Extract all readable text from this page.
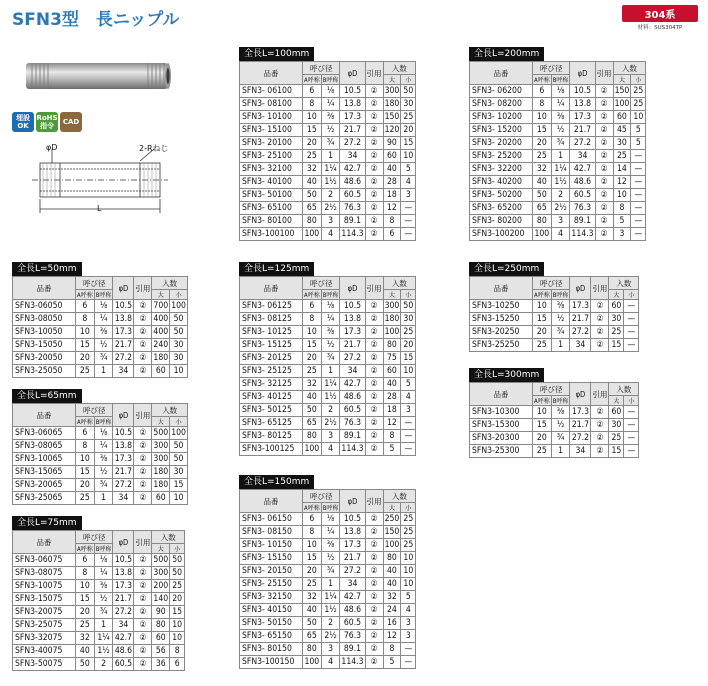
SFN3型　長ニップル	304系
材料：SUS304TP
埋設 OK
RoHS 指令	CAD
φD	2-Rねじ
L
全長L=100mm
品番	呼び径		φD	引用	入数	
	A呼称	B呼称			大	小
SFN3- 06100	6	⅛	10.5	②	300	50
SFN3- 08100	8	¼	13.8	②	180	30
SFN3- 10100	10	⅜	17.3	②	150	25
SFN3- 15100	15	½	21.7	②	120	20
SFN3- 20100	20	¾	27.2	②	90	15
SFN3- 25100	25	1	34	②	60	10
SFN3- 32100	32	1¼	42.7	②	40	5
SFN3- 40100	40	1½	48.6	②	28	4
SFN3- 50100	50	2	60.5	②	18	3
SFN3- 65100	65	2½	76.3	②	12	—
SFN3- 80100	80	3	89.1	②	8	—
SFN3-100100	100	4	114.3	②	6	—
全長L=200mm
品番	呼び径		φD	引用	入数	
	A呼称	B呼称			大	小
SFN3- 06200	6	⅛	10.5	②	150	25
SFN3- 08200	8	¼	13.8	②	100	25
SFN3- 10200	10	⅜	17.3	②	60	10
SFN3- 15200	15	½	21.7	②	45	5
SFN3- 20200	20	¾	27.2	②	30	5
SFN3- 25200	25	1	34	②	25	—
SFN3- 32200	32	1¼	42.7	②	14	—
SFN3- 40200	40	1½	48.6	②	12	—
SFN3- 50200	50	2	60.5	②	10	—
SFN3- 65200	65	2½	76.3	②	8	—
SFN3- 80200	80	3	89.1	②	5	—
SFN3-100200	100	4	114.3	②	3	—
全長L=50mm
品番	呼び径		φD	引用	入数	
	A呼称	B呼称			大	小
SFN3-06050	6	⅛	10.5	②	700	100
SFN3-08050	8	¼	13.8	②	400	50
SFN3-10050	10	⅜	17.3	②	400	50
SFN3-15050	15	½	21.7	②	240	30
SFN3-20050	20	¾	27.2	②	180	30
SFN3-25050	25	1	34	②	60	10
全長L=65mm
品番	呼び径		φD	引用	入数	
	A呼称	B呼称			大	小
SFN3-06065	6	⅛	10.5	②	500	100
SFN3-08065	8	¼	13.8	②	300	50
SFN3-10065	10	⅜	17.3	②	300	50
SFN3-15065	15	½	21.7	②	180	30
SFN3-20065	20	¾	27.2	②	180	15
SFN3-25065	25	1	34	②	60	10
全長L=75mm
品番	呼び径		φD	引用	入数	
	A呼称	B呼称			大	小
SFN3-06075	6	⅛	10.5	②	500	50
SFN3-08075	8	¼	13.8	②	300	50
SFN3-10075	10	⅜	17.3	②	200	25
SFN3-15075	15	½	21.7	②	140	20
SFN3-20075	20	¾	27.2	②	90	15
SFN3-25075	25	1	34	②	80	10
SFN3-32075	32	1¼	42.7	②	60	10
SFN3-40075	40	1½	48.6	②	56	8
SFN3-50075	50	2	60.5	②	36	6
全長L=125mm
品番	呼び径		φD	引用	入数	
	A呼称	B呼称			大	小
SFN3- 06125	6	⅛	10.5	②	300	50
SFN3- 08125	8	¼	13.8	②	180	30
SFN3- 10125	10	⅜	17.3	②	100	25
SFN3- 15125	15	½	21.7	②	80	20
SFN3- 20125	20	¾	27.2	②	75	15
SFN3- 25125	25	1	34	②	60	10
SFN3- 32125	32	1¼	42.7	②	40	5
SFN3- 40125	40	1½	48.6	②	28	4
SFN3- 50125	50	2	60.5	②	18	3
SFN3- 65125	65	2½	76.3	②	12	—
SFN3- 80125	80	3	89.1	②	8	—
SFN3-100125	100	4	114.3	②	5	—
全長L=250mm
品番	呼び径		φD	引用	入数	
	A呼称	B呼称			大	小
SFN3-10250	10	⅜	17.3	②	60	—
SFN3-15250	15	½	21.7	②	30	—
SFN3-20250	20	¾	27.2	②	25	—
SFN3-25250	25	1	34	②	15	—
全長L=300mm
品番	呼び径		φD	引用	入数	
	A呼称	B呼称			大	小
SFN3-10300	10	⅜	17.3	②	60	—
SFN3-15300	15	½	21.7	②	30	—
SFN3-20300	20	¾	27.2	②	25	—
SFN3-25300	25	1	34	②	15	—
全長L=150mm
品番	呼び径		φD	引用	入数	
	A呼称	B呼称			大	小
SFN3- 06150	6	⅛	10.5	②	250	25
SFN3- 08150	8	¼	13.8	②	150	25
SFN3- 10150	10	⅜	17.3	②	100	25
SFN3- 15150	15	½	21.7	②	80	10
SFN3- 20150	20	¾	27.2	②	40	10
SFN3- 25150	25	1	34	②	40	10
SFN3- 32150	32	1¼	42.7	②	32	5
SFN3- 40150	40	1½	48.6	②	24	4
SFN3- 50150	50	2	60.5	②	16	3
SFN3- 65150	65	2½	76.3	②	12	3
SFN3- 80150	80	3	89.1	②	8	—
SFN3-100150	100	4	114.3	②	5	—
